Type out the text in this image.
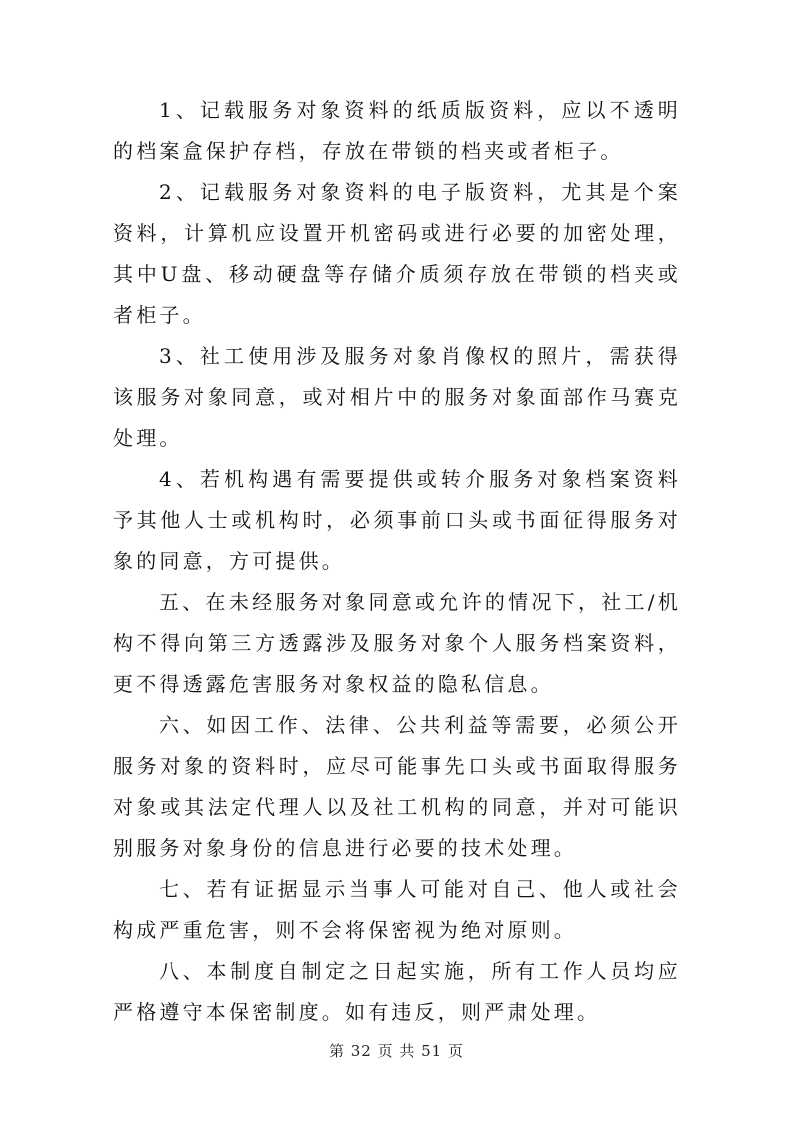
1、记载服务对象资料的纸质版资料，应以不透明的档案盒保护存档，存放在带锁的档夹或者柜子。

2、记载服务对象资料的电子版资料，尤其是个案资料，计算机应设置开机密码或进行必要的加密处理，其中U盘、移动硬盘等存储介质须存放在带锁的档夹或者柜子。

3、社工使用涉及服务对象肖像权的照片，需获得该服务对象同意，或对相片中的服务对象面部作马赛克处理。

4、若机构遇有需要提供或转介服务对象档案资料予其他人士或机构时，必须事前口头或书面征得服务对象的同意，方可提供。

五、在未经服务对象同意或允许的情况下，社工/机构不得向第三方透露涉及服务对象个人服务档案资料，更不得透露危害服务对象权益的隐私信息。

六、如因工作、法律、公共利益等需要，必须公开服务对象的资料时，应尽可能事先口头或书面取得服务对象或其法定代理人以及社工机构的同意，并对可能识别服务对象身份的信息进行必要的技术处理。

七、若有证据显示当事人可能对自己、他人或社会构成严重危害，则不会将保密视为绝对原则。

八、本制度自制定之日起实施，所有工作人员均应严格遵守本保密制度。如有违反，则严肃处理。

第 32 页 共 51 页
